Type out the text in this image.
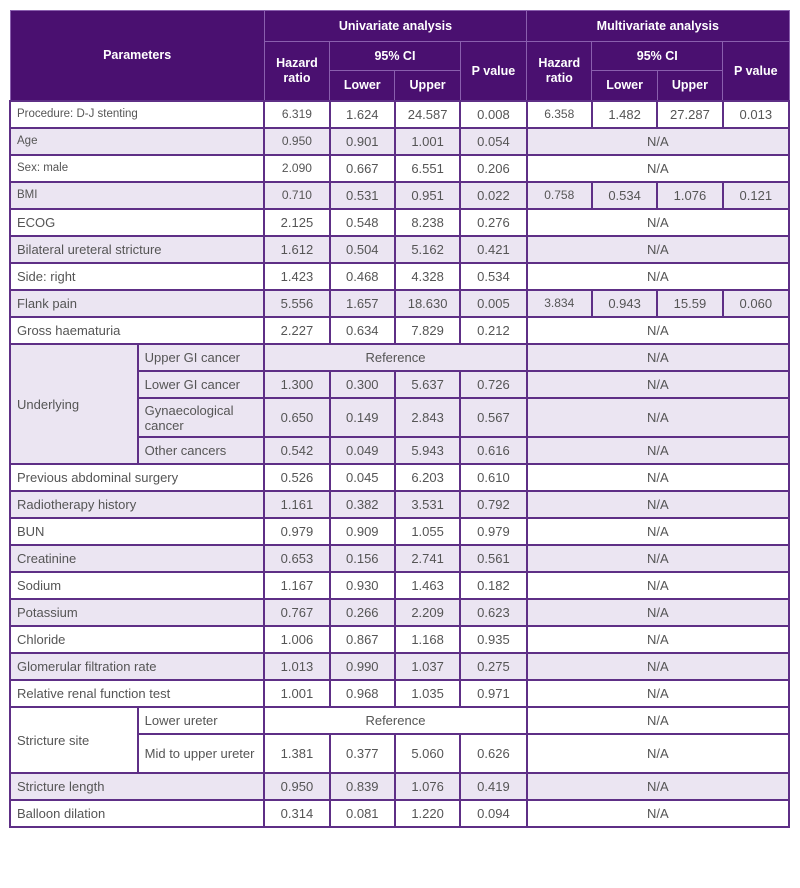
Parameters		Univariate analysis				Multivariate analysis			
		Hazard ratio	95% CI		P value	Hazard ratio	95% CI		P value
			Lower	Upper			Lower	Upper	
Procedure: D-J stenting		6.319	1.624	24.587	0.008	6.358	1.482	27.287	0.013
Age		0.950	0.901	1.001	0.054	N/A			
Sex: male		2.090	0.667	6.551	0.206	N/A			
BMI		0.710	0.531	0.951	0.022	0.758	0.534	1.076	0.121
ECOG		2.125	0.548	8.238	0.276	N/A			
Bilateral ureteral stricture		1.612	0.504	5.162	0.421	N/A			
Side: right		1.423	0.468	4.328	0.534	N/A			
Flank pain		5.556	1.657	18.630	0.005	3.834	0.943	15.59	0.060
Gross haematuria		2.227	0.634	7.829	0.212	N/A			
Underlying	Upper GI cancer	Reference				N/A			
	Lower GI cancer	1.300	0.300	5.637	0.726	N/A			
	Gynaecological cancer	0.650	0.149	2.843	0.567	N/A			
	Other cancers	0.542	0.049	5.943	0.616	N/A			
Previous abdominal surgery		0.526	0.045	6.203	0.610	N/A			
Radiotherapy history		1.161	0.382	3.531	0.792	N/A			
BUN		0.979	0.909	1.055	0.979	N/A			
Creatinine		0.653	0.156	2.741	0.561	N/A			
Sodium		1.167	0.930	1.463	0.182	N/A			
Potassium		0.767	0.266	2.209	0.623	N/A			
Chloride		1.006	0.867	1.168	0.935	N/A			
Glomerular filtration rate		1.013	0.990	1.037	0.275	N/A			
Relative renal function test		1.001	0.968	1.035	0.971	N/A			
Stricture site	Lower ureter	Reference				N/A			
	Mid to upper ureter	1.381	0.377	5.060	0.626	N/A			
Stricture length		0.950	0.839	1.076	0.419	N/A			
Balloon dilation		0.314	0.081	1.220	0.094	N/A			
